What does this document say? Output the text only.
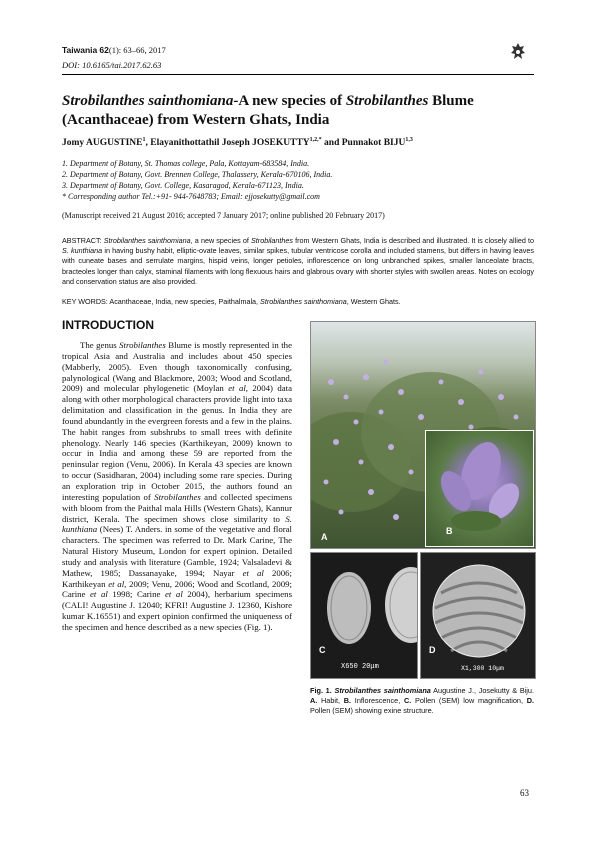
Taiwania 62(1): 63–66, 2017
DOI: 10.6165/tai.2017.62.63
Strobilanthes sainthomiana-A new species of Strobilanthes Blume (Acanthaceae) from Western Ghats, India
Jomy AUGUSTINE$^1$, Elayanithottathil Joseph $JOSEKUTTY^{1,2,*}$ and Punnakot BIJU$^{1,3}$
1. Department of Botany, St. Thomas college, Pala, Kottayam-683584, India.
2. Department of Botany, Govt. Brennen College, Thalassery, Kerala-670106, India.
3. Department of Botany, Govt. College, Kasaragod, Kerala-671123, India.
* Corresponding author Tel.:+91- 944-7648783; Email: ejjosekutty@gmail.com
(Manuscript received 21 August 2016; accepted 7 January 2017; online published 20 February 2017)
ABSTRACT: Strobilanthes sainthomiana, a new species of Strobilanthes from Western Ghats, India is described and illustrated. It is closely allied to S. kunthiana in having bushy habit, elliptic-ovate leaves, similar spikes, tubular ventricose corolla and included stamens, but differs in having leaves with cuneate bases and serrulate margins, hispid veins, longer petioles, inflorescence on long unbranched spikes, smaller lanceolate bracts, bracteoles longer than calyx, staminal filaments with long flexuous hairs and glabrous ovary with shorter styles with swollen areas. Notes on ecology and conservation status are also provided.
KEY WORDS: Acanthaceae, India, new species, Paithalmala, Strobilanthes sainthomiana, Western Ghats.
INTRODUCTION

The genus Strobilanthes Blume is mostly represented in the tropical Asia and Australia and includes about 450 species (Mabberly, 2005). Even though taxonomically confusing, palynological (Wang and Blackmore, 2003; Wood and Scotland, 2009) and molecular phylogenetic (Moylan et al, 2004) data along with other morphological characters provide light into taxa delimitation and classification in the genus. In India they are found abundantly in the evergreen forests and a few in the plains. The habit ranges from subshrubs to small trees with definite phenology. Nearly 146 species (Karthikeyan, 2009) known to occur in India and among these 59 are reported from the peninsular region (Venu, 2006). In Kerala 43 species are known to occur (Sasidharan, 2004) including some rare species. During an exploration trip in October 2015, the authors found an interesting population of Strobilanthes and collected specimens with bloom from the Paithal mala Hills (Western Ghats), Kannur district, Kerala. The specimen shows close similarity to S. kunthiana (Nees) T. Anders. in some of the vegetative and floral characters. The specimen was referred to Dr. Mark Carine, The Natural History Museum, London for expert opinion. Detailed study and analysis with literature (Gamble, 1924; Valsaladevi & Mathew, 1985; Dassanayake, 1994; Nayar et al 2006; Karthikeyan et al, 2009; Venu, 2006; Wood and Scotland, 2009; Carine et al 1998; Carine et al 2004), herbarium specimens (CALI! Augustine J. 12040; KFRI! Augustine J. 12360, Kishore kumar K.16551) and expert opinion confirmed the uniqueness of the specimen and hence described as a new species (Fig. 1).

A
B
C
X650 20μm
Fig. 1. Strobilanthes sainthomiana Augustine J., Josekutty & Biju. A. Habit, B. Inflorescence, C. Pollen (SEM) low magnification, D. Pollen (SEM) showing exine structure.
63
D
X1,300 10μm
